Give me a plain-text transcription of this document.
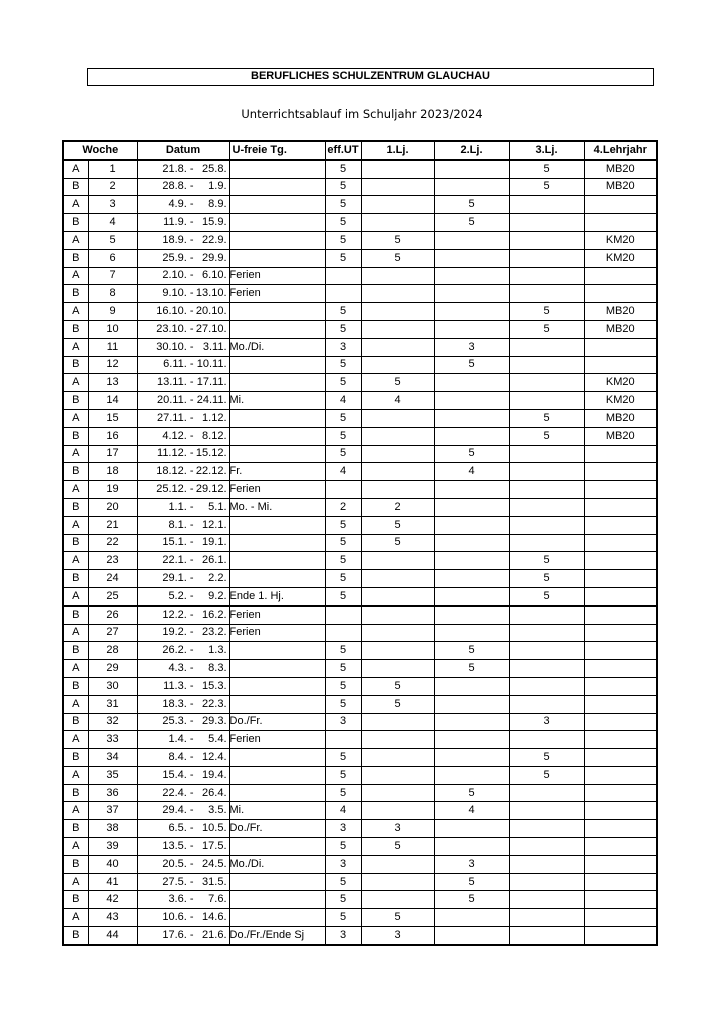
BERUFLICHES SCHULZENTRUM GLAUCHAU
Unterrichtsablauf im Schuljahr 2023/2024
Woche		Datum	U-freie Tg.	eff.UT	1.Lj.	2.Lj.	3.Lj.	4.Lehrjahr
A	1	21.8. - 25.8.		5			5	MB20
B	2	28.8. - 1.9.		5			5	MB20
A	3	4.9. - 8.9.		5		5		
B	4	11.9. - 15.9.		5		5		
A	5	18.9. - 22.9.		5	5			KM20
B	6	25.9. - 29.9.		5	5			KM20
A	7	2.10. - 6.10.	Ferien					
B	8	9.10. - 13.10.	Ferien					
A	9	16.10. - 20.10.		5			5	MB20
B	10	23.10. - 27.10.		5			5	MB20
A	11	30.10. - 3.11.	Mo./Di.	3		3		
B	12	6.11. - 10.11.		5		5		
A	13	13.11. - 17.11.		5	5			KM20
B	14	20.11. - 24.11.	Mi.	4	4			KM20
A	15	27.11. - 1.12.		5			5	MB20
B	16	4.12. - 8.12.		5			5	MB20
A	17	11.12. - 15.12.		5		5		
B	18	18.12. - 22.12.	Fr.	4		4		
A	19	25.12. - 29.12.	Ferien					
B	20	1.1. - 5.1.	Mo. - Mi.	2	2			
A	21	8.1. - 12.1.		5	5			
B	22	15.1. - 19.1.		5	5			
A	23	22.1. - 26.1.		5			5	
B	24	29.1. - 2.2.		5			5	
A	25	5.2. - 9.2.	Ende 1. Hj.	5			5	
B	26	12.2. - 16.2.	Ferien					
A	27	19.2. - 23.2.	Ferien					
B	28	26.2. - 1.3.		5		5		
A	29	4.3. - 8.3.		5		5		
B	30	11.3. - 15.3.		5	5			
A	31	18.3. - 22.3.		5	5			
B	32	25.3. - 29.3.	Do./Fr.	3			3	
A	33	1.4. - 5.4.	Ferien					
B	34	8.4. - 12.4.		5			5	
A	35	15.4. - 19.4.		5			5	
B	36	22.4. - 26.4.		5		5		
A	37	29.4. - 3.5.	Mi.	4		4		
B	38	6.5. - 10.5.	Do./Fr.	3	3			
A	39	13.5. - 17.5.		5	5			
B	40	20.5. - 24.5.	Mo./Di.	3		3		
A	41	27.5. - 31.5.		5		5		
B	42	3.6. - 7.6.		5		5		
A	43	10.6. - 14.6.		5	5			
B	44	17.6. - 21.6.	Do./Fr./Ende Sj	3	3			
